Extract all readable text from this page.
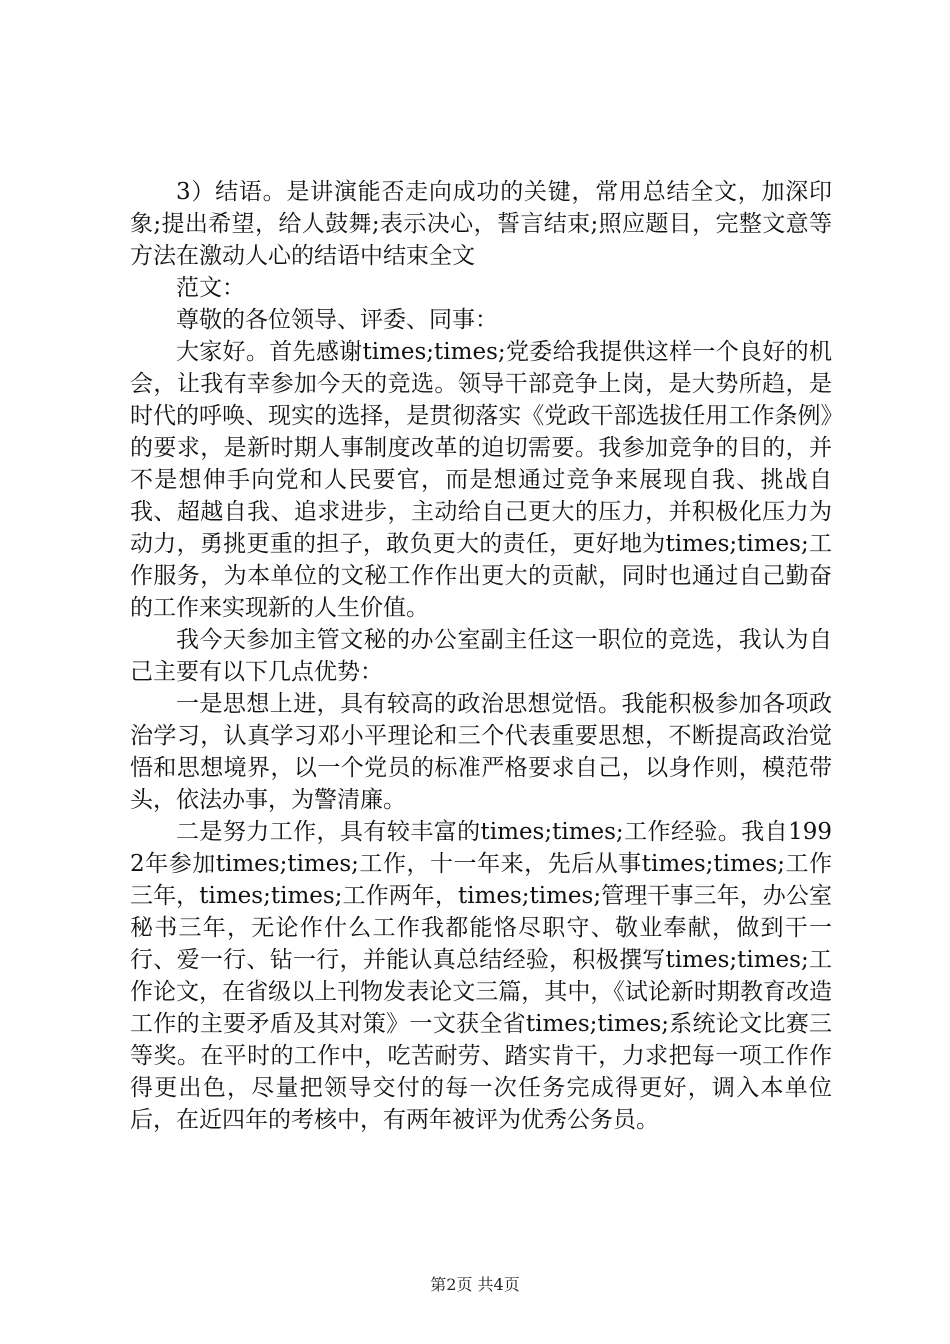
3）结语。是讲演能否走向成功的关键，常用总结全文，加深印象;提出希望，给人鼓舞;表示决心，誓言结束;照应题目，完整文意等方法在激动人心的结语中结束全文

范文：

尊敬的各位领导、评委、同事：

大家好。首先感谢times;times;党委给我提供这样一个良好的机会，让我有幸参加今天的竞选。领导干部竞争上岗，是大势所趋，是时代的呼唤、现实的选择，是贯彻落实《党政干部选拔任用工作条例》的要求，是新时期人事制度改革的迫切需要。我参加竞争的目的，并不是想伸手向党和人民要官，而是想通过竞争来展现自我、挑战自我、超越自我、追求进步，主动给自己更大的压力，并积极化压力为动力，勇挑更重的担子，敢负更大的责任，更好地为times;times;工作服务，为本单位的文秘工作作出更大的贡献，同时也通过自己勤奋的工作来实现新的人生价值。

我今天参加主管文秘的办公室副主任这一职位的竞选，我认为自己主要有以下几点优势：

一是思想上进，具有较高的政治思想觉悟。我能积极参加各项政治学习，认真学习邓小平理论和三个代表重要思想，不断提高政治觉悟和思想境界，以一个党员的标准严格要求自己，以身作则，模范带头，依法办事，为警清廉。

二是努力工作，具有较丰富的times;times;工作经验。我自1992年参加times;times;工作，十一年来，先后从事times;times;工作三年，times;times;工作两年，times;times;管理干事三年，办公室秘书三年，无论作什么工作我都能恪尽职守、敬业奉献，做到干一行、爱一行、钻一行，并能认真总结经验，积极撰写times;times;工作论文，在省级以上刊物发表论文三篇，其中，《试论新时期教育改造工作的主要矛盾及其对策》一文获全省times;times;系统论文比赛三等奖。在平时的工作中，吃苦耐劳、踏实肯干，力求把每一项工作作得更出色，尽量把领导交付的每一次任务完成得更好，调入本单位后，在近四年的考核中，有两年被评为优秀公务员。

第2页 共4页
